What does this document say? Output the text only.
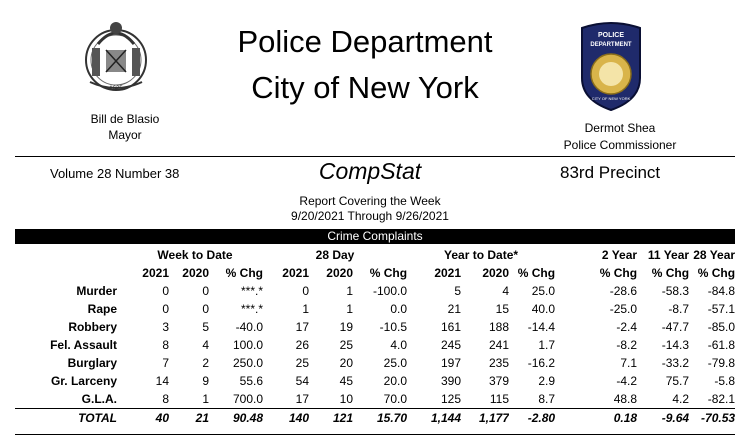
1625
POLICE
DEPARTMENT
CITY OF NEW YORK
Police Department
City of New York
Bill de Blasio
Mayor	Dermot Shea
Police Commissioner
Volume 28 Number 38	CompStat	83rd Precinct
Report Covering the Week
9/20/2021 Through 9/26/2021
Crime Complaints
	Week to Date			28 Day			Year to Date*			2 Year	11 Year	28 Year
	2021	2020	% Chg	2021	2020	% Chg	2021	2020	% Chg	% Chg	% Chg	% Chg
Murder	0	0	***.*	0	1	-100.0	5	4	25.0	-28.6	-58.3	-84.8
Rape	0	0	***.*	1	1	0.0	21	15	40.0	-25.0	-8.7	-57.1
Robbery	3	5	-40.0	17	19	-10.5	161	188	-14.4	-2.4	-47.7	-85.0
Fel. Assault	8	4	100.0	26	25	4.0	245	241	1.7	-8.2	-14.3	-61.8
Burglary	7	2	250.0	25	20	25.0	197	235	-16.2	7.1	-33.2	-79.8
Gr. Larceny	14	9	55.6	54	45	20.0	390	379	2.9	-4.2	75.7	-5.8
G.L.A.	8	1	700.0	17	10	70.0	125	115	8.7	48.8	4.2	-82.1
TOTAL	40	21	90.48	140	121	15.70	1,144	1,177	-2.80	0.18	-9.64	-70.53
